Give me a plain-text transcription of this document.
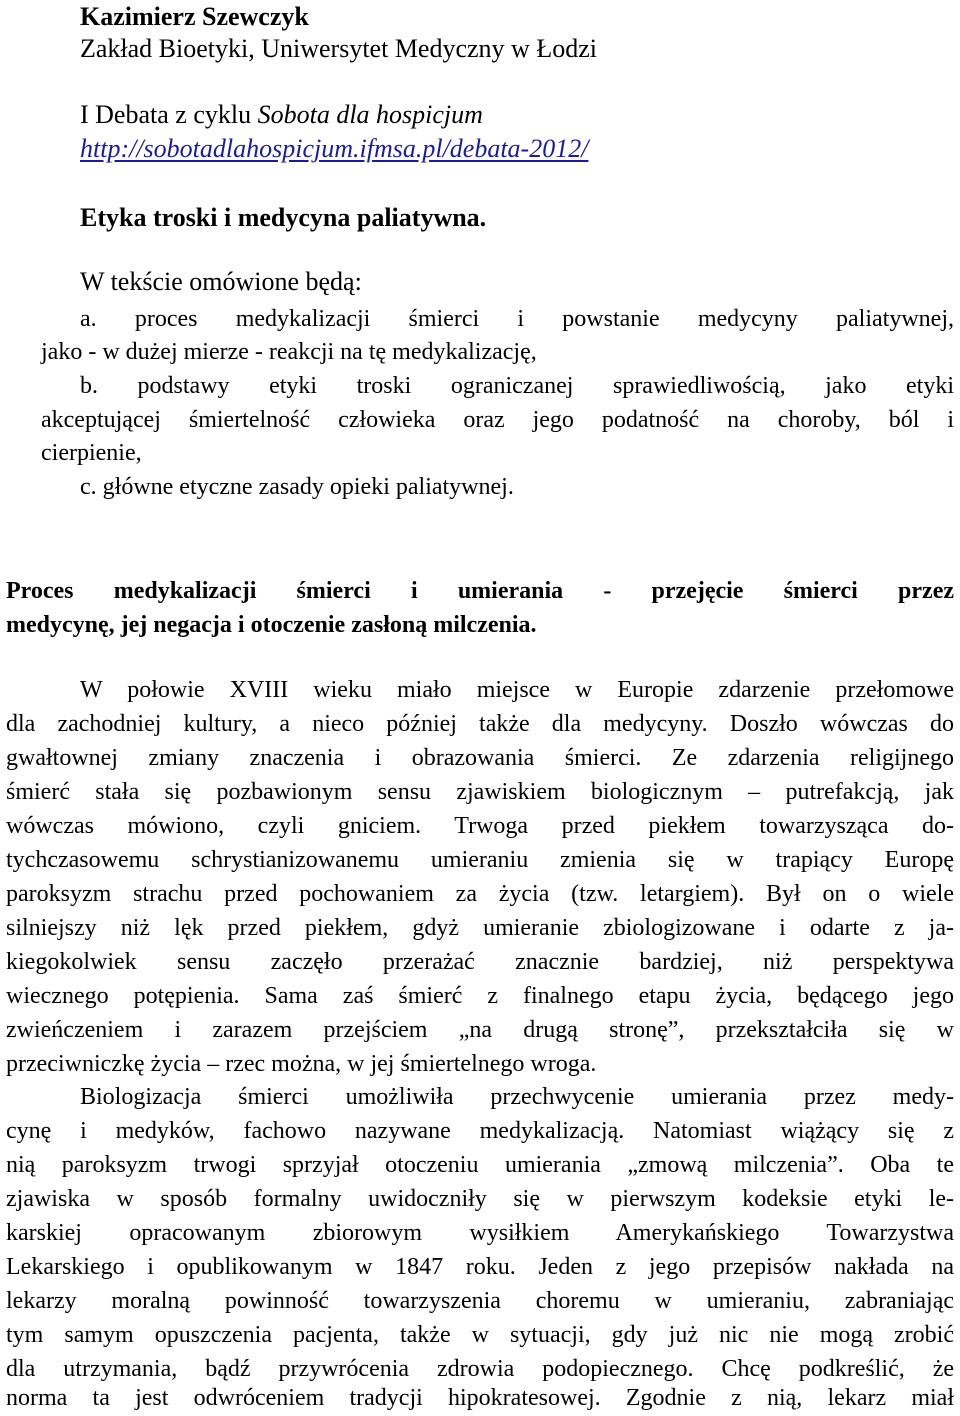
Kazimierz Szewczyk
Zakład Bioetyki, Uniwersytet Medyczny w Łodzi
I Debata z cyklu Sobota dla hospicjum
http://sobotadlahospicjum.ifmsa.pl/debata-2012/
Etyka troski i medycyna paliatywna.
W tekście omówione będą:
a. proces medykalizacji śmierci i powstanie medycyny paliatywnej,
jako - w dużej mierze - reakcji na tę medykalizację,
b. podstawy etyki troski ograniczanej sprawiedliwością, jako etyki
akceptującej śmiertelność człowieka oraz jego podatność na choroby, ból i
cierpienie,
c. główne etyczne zasady opieki paliatywnej.
Proces medykalizacji śmierci i umierania - przejęcie śmierci przez
medycynę, jej negacja i otoczenie zasłoną milczenia.
W połowie XVIII wieku miało miejsce w Europie zdarzenie przełomowe
dla zachodniej kultury, a nieco później także dla medycyny. Doszło wówczas do
gwałtownej zmiany znaczenia i obrazowania śmierci. Ze zdarzenia religijnego
śmierć stała się pozbawionym sensu zjawiskiem biologicznym – putrefakcją, jak
wówczas mówiono, czyli gniciem. Trwoga przed piekłem towarzysząca do-
tychczasowemu schrystianizowanemu umieraniu zmienia się w trapiący Europę
paroksyzm strachu przed pochowaniem za życia (tzw. letargiem). Był on o wiele
silniejszy niż lęk przed piekłem, gdyż umieranie zbiologizowane i odarte z ja-
kiegokolwiek sensu zaczęło przerażać znacznie bardziej, niż perspektywa
wiecznego potępienia. Sama zaś śmierć z finalnego etapu życia, będącego jego
zwieńczeniem i zarazem przejściem „na drugą stronę”, przekształciła się w
przeciwniczkę życia – rzec można, w jej śmiertelnego wroga.
Biologizacja śmierci umożliwiła przechwycenie umierania przez medy-
cynę i medyków, fachowo nazywane medykalizacją. Natomiast wiążący się z
nią paroksyzm trwogi sprzyjał otoczeniu umierania „zmową milczenia”. Oba te
zjawiska w sposób formalny uwidoczniły się w pierwszym kodeksie etyki le-
karskiej opracowanym zbiorowym wysiłkiem Amerykańskiego Towarzystwa
Lekarskiego i opublikowanym w 1847 roku. Jeden z jego przepisów nakłada na
lekarzy moralną powinność towarzyszenia choremu w umieraniu, zabraniając
tym samym opuszczenia pacjenta, także w sytuacji, gdy już nic nie mogą zrobić
dla utrzymania, bądź przywrócenia zdrowia podopiecznego. Chcę podkreślić, że
norma ta jest odwróceniem tradycji hipokratesowej. Zgodnie z nią, lekarz miał
